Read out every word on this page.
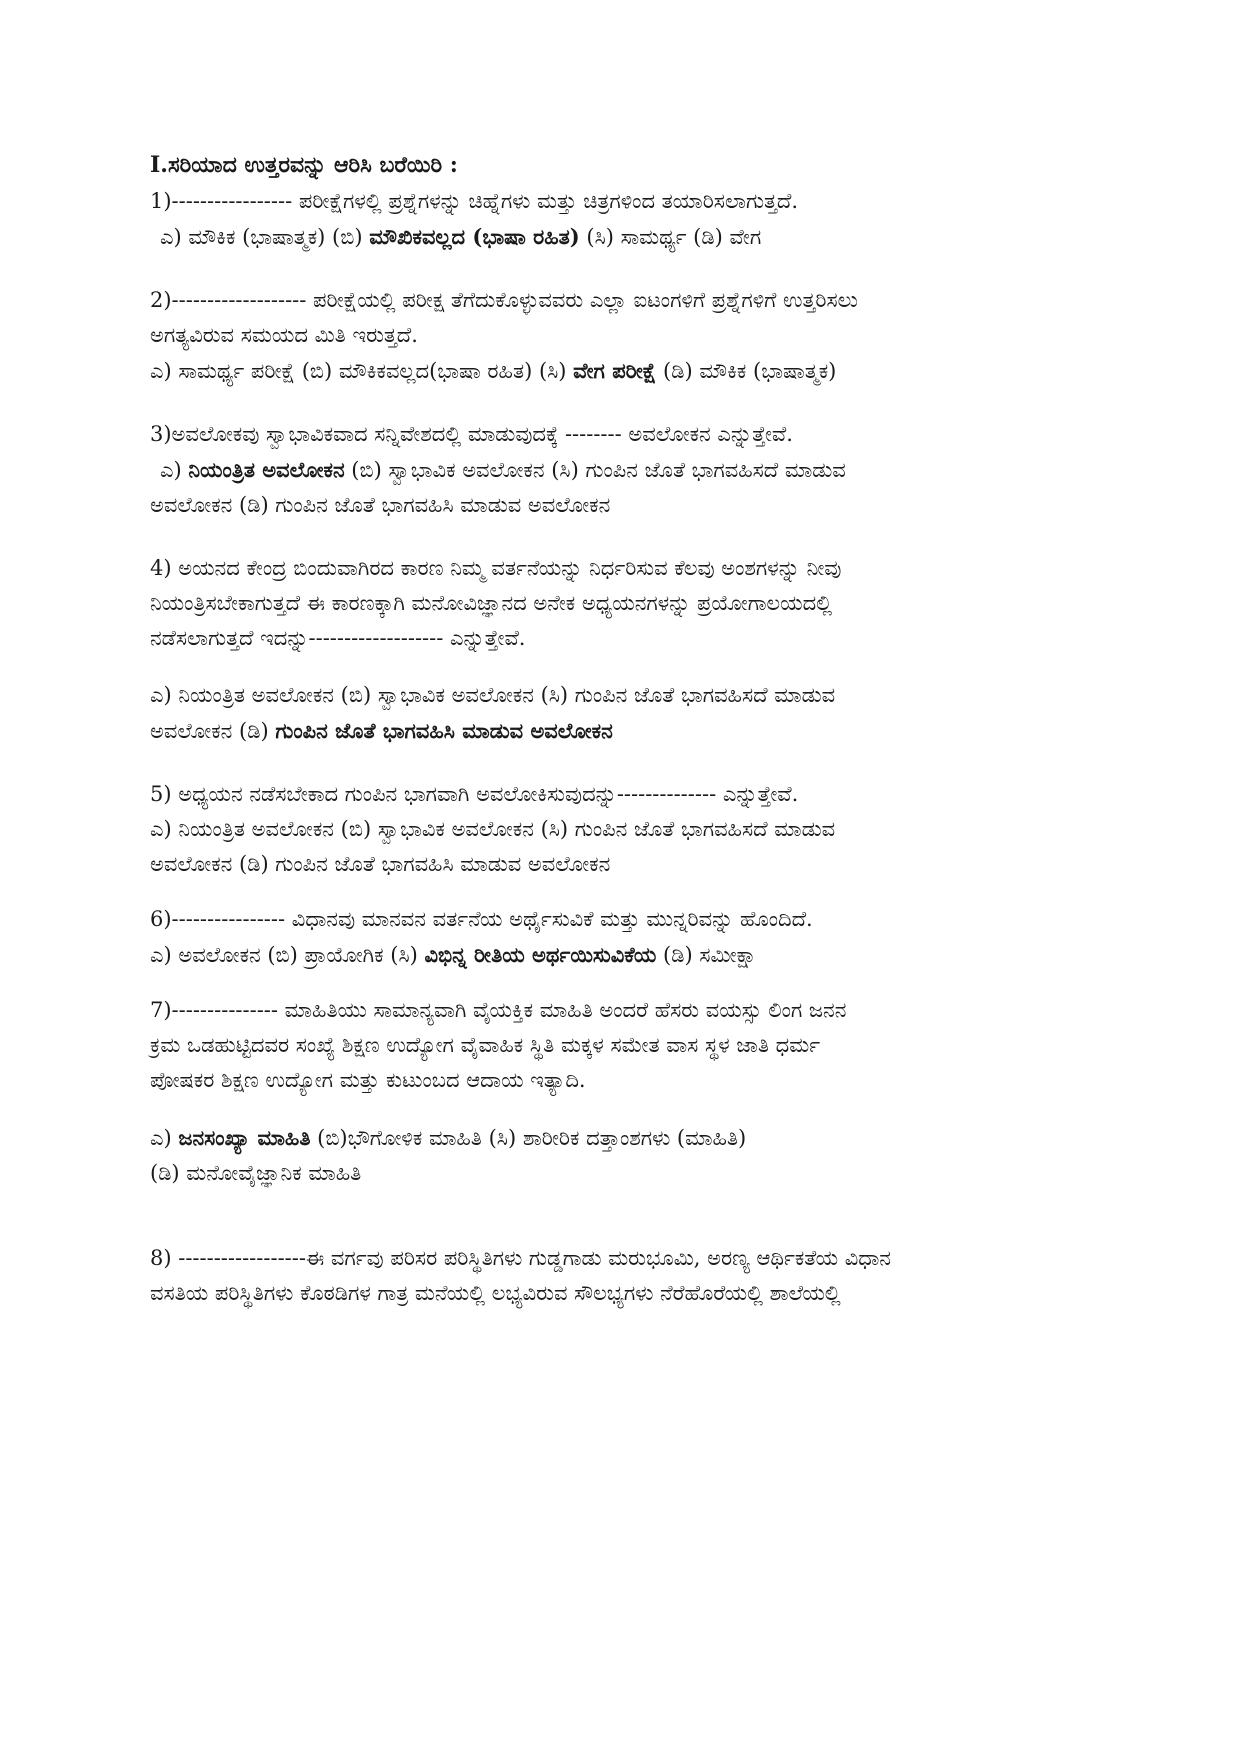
I.ಸರಿಯಾದ ಉತ್ತರವನ್ನು ಆರಿಸಿ ಬರೆಯಿರಿ :

1)----------------- ಪರೀಕ್ಷೆಗಳಲ್ಲಿ ಪ್ರಶ್ನೆಗಳನ್ನು ಚಿಹ್ನೆಗಳು ಮತ್ತು ಚಿತ್ರಗಳಿಂದ ತಯಾರಿಸಲಾಗುತ್ತದೆ.

ಎ) ಮೌಕಿಕ (ಭಾಷಾತ್ಮಕ) (ಬಿ) ಮೌಖಿಕವಲ್ಲದ (ಭಾಷಾ ರಹಿತ) (ಸಿ) ಸಾಮರ್ಥ್ಯ (ಡಿ) ವೇಗ

2)------------------- ಪರೀಕ್ಷೆಯಲ್ಲಿ ಪರೀಕ್ಷ ತೆಗೆದುಕೊಳ್ಳುವವರು ಎಲ್ಲಾ ಐಟಂಗಳಿಗೆ ಪ್ರಶ್ನೆಗಳಿಗೆ ಉತ್ತರಿಸಲು

ಅಗತ್ಯವಿರುವ ಸಮಯದ ಮಿತಿ ಇರುತ್ತದೆ.

ಎ) ಸಾಮರ್ಥ್ಯ ಪರೀಕ್ಷೆ (ಬಿ) ಮೌಕಿಕವಲ್ಲದ(ಭಾಷಾ ರಹಿತ) (ಸಿ) ವೇಗ ಪರೀಕ್ಷೆ (ಡಿ) ಮೌಕಿಕ (ಭಾಷಾತ್ಮಕ)

3)ಅವಲೋಕವು ಸ್ವಾಭಾವಿಕವಾದ ಸನ್ನಿವೇಶದಲ್ಲಿ ಮಾಡುವುದಕ್ಕೆ -------- ಅವಲೋಕನ ಎನ್ನುತ್ತೇವೆ.

ಎ) ನಿಯಂತ್ರಿತ ಅವಲೋಕನ (ಬಿ) ಸ್ವಾಭಾವಿಕ ಅವಲೋಕನ (ಸಿ) ಗುಂಪಿನ ಜೊತೆ ಭಾಗವಹಿಸದೆ ಮಾಡುವ

ಅವಲೋಕನ (ಡಿ) ಗುಂಪಿನ ಜೊತೆ ಭಾಗವಹಿಸಿ ಮಾಡುವ ಅವಲೋಕನ

4) ಅಯನದ ಕೇಂದ್ರ ಬಿಂದುವಾಗಿರದ ಕಾರಣ ನಿಮ್ಮ ವರ್ತನೆಯನ್ನು ನಿರ್ಧರಿಸುವ ಕೆಲವು ಅಂಶಗಳನ್ನು ನೀವು

ನಿಯಂತ್ರಿಸಬೇಕಾಗುತ್ತದೆ ಈ ಕಾರಣಕ್ಕಾಗಿ ಮನೋವಿಜ್ಞಾನದ ಅನೇಕ ಅಧ್ಯಯನಗಳನ್ನು ಪ್ರಯೋಗಾಲಯದಲ್ಲಿ

ನಡೆಸಲಾಗುತ್ತದೆ ಇದನ್ನು------------------- ಎನ್ನುತ್ತೇವೆ.

ಎ) ನಿಯಂತ್ರಿತ ಅವಲೋಕನ (ಬಿ) ಸ್ವಾಭಾವಿಕ ಅವಲೋಕನ (ಸಿ) ಗುಂಪಿನ ಜೊತೆ ಭಾಗವಹಿಸದೆ ಮಾಡುವ

ಅವಲೋಕನ (ಡಿ) ಗುಂಪಿನ ಜೊತೆ ಭಾಗವಹಿಸಿ ಮಾಡುವ ಅವಲೋಕನ

5) ಅಧ್ಯಯನ ನಡೆಸಬೇಕಾದ ಗುಂಪಿನ ಭಾಗವಾಗಿ ಅವಲೋಕಿಸುವುದನ್ನು-------------- ಎನ್ನುತ್ತೇವೆ.

ಎ) ನಿಯಂತ್ರಿತ ಅವಲೋಕನ (ಬಿ) ಸ್ವಾಭಾವಿಕ ಅವಲೋಕನ (ಸಿ) ಗುಂಪಿನ ಜೊತೆ ಭಾಗವಹಿಸದೆ ಮಾಡುವ

ಅವಲೋಕನ (ಡಿ) ಗುಂಪಿನ ಜೊತೆ ಭಾಗವಹಿಸಿ ಮಾಡುವ ಅವಲೋಕನ

6)---------------- ವಿಧಾನವು ಮಾನವನ ವರ್ತನೆಯ ಅರ್ಥೈಸುವಿಕೆ ಮತ್ತು ಮುನ್ನರಿವನ್ನು ಹೊಂದಿದೆ.

ಎ) ಅವಲೋಕನ (ಬಿ) ಪ್ರಾಯೋಗಿಕ (ಸಿ) ವಿಭಿನ್ನ ರೀತಿಯ ಅರ್ಥಯಿಸುವಿಕೆಯ (ಡಿ) ಸಮೀಕ್ಷಾ

7)--------------- ಮಾಹಿತಿಯು ಸಾಮಾನ್ಯವಾಗಿ ವೈಯಕ್ತಿಕ ಮಾಹಿತಿ ಅಂದರೆ ಹೆಸರು ವಯಸ್ಸು ಲಿಂಗ ಜನನ

ಕ್ರಮ ಒಡಹುಟ್ಟಿದವರ ಸಂಖ್ಯೆ ಶಿಕ್ಷಣ ಉದ್ಯೋಗ ವೈವಾಹಿಕ ಸ್ಥಿತಿ ಮಕ್ಕಳ ಸಮೇತ ವಾಸ ಸ್ಥಳ ಜಾತಿ ಧರ್ಮ

ಪೋಷಕರ ಶಿಕ್ಷಣ ಉದ್ಯೋಗ ಮತ್ತು ಕುಟುಂಬದ ಆದಾಯ ಇತ್ಯಾದಿ.

ಎ) ಜನಸಂಖ್ಯಾ ಮಾಹಿತಿ (ಬಿ)ಭೌಗೋಳಿಕ ಮಾಹಿತಿ (ಸಿ) ಶಾರೀರಿಕ ದತ್ತಾಂಶಗಳು (ಮಾಹಿತಿ)

(ಡಿ) ಮನೋವೈಜ್ಞಾನಿಕ ಮಾಹಿತಿ

8) ------------------ಈ ವರ್ಗವು ಪರಿಸರ ಪರಿಸ್ಥಿತಿಗಳು ಗುಡ್ಡಗಾಡು ಮರುಭೂಮಿ, ಅರಣ್ಯ ಆರ್ಥಿಕತೆಯ ವಿಧಾನ

ವಸತಿಯ ಪರಿಸ್ಥಿತಿಗಳು ಕೊಠಡಿಗಳ ಗಾತ್ರ ಮನೆಯಲ್ಲಿ ಲಭ್ಯವಿರುವ ಸೌಲಭ್ಯಗಳು ನೆರೆಹೊರೆಯಲ್ಲಿ ಶಾಲೆಯಲ್ಲಿ
